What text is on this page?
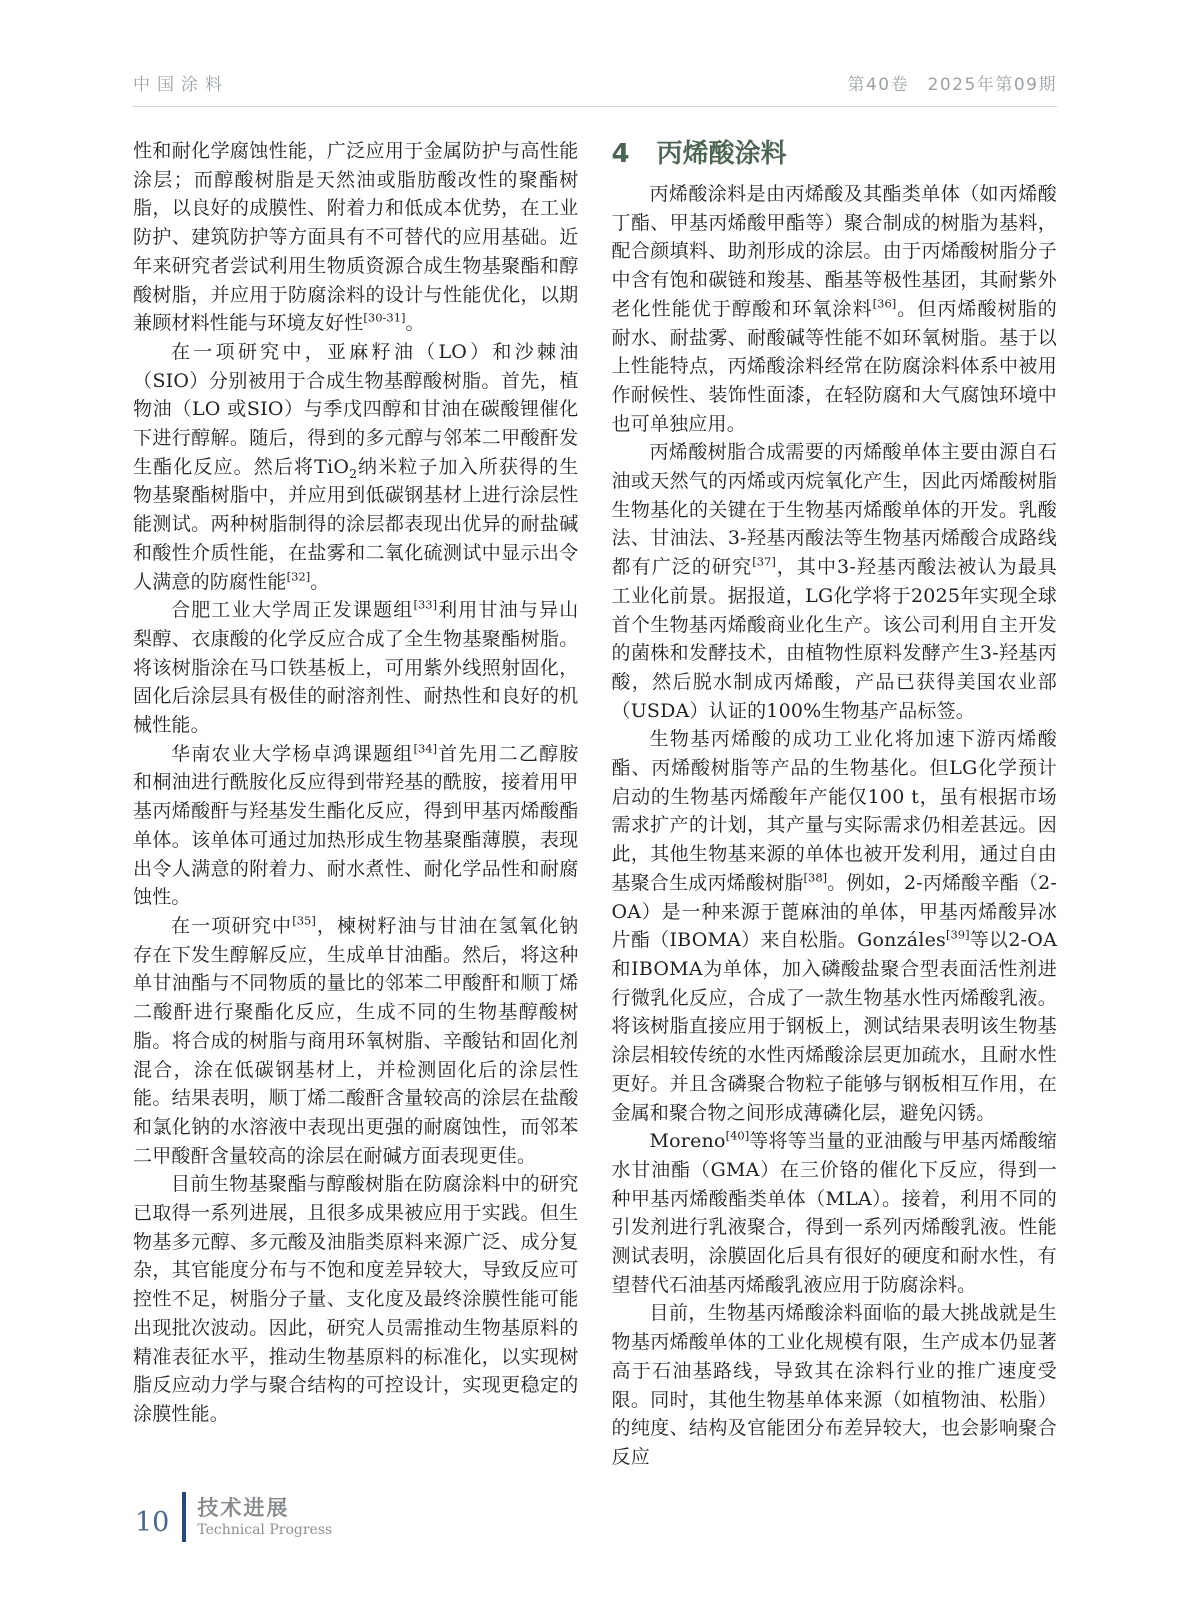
中国涂料	第40卷　2025年第09期

性和耐化学腐蚀性能，广泛应用于金属防护与高性能涂层；而醇酸树脂是天然油或脂肪酸改性的聚酯树脂，以良好的成膜性、附着力和低成本优势，在工业防护、建筑防护等方面具有不可替代的应用基础。近年来研究者尝试利用生物质资源合成生物基聚酯和醇酸树脂，并应用于防腐涂料的设计与性能优化，以期兼顾材料性能与环境友好性[30-31]。

在一项研究中，亚麻籽油（LO）和沙棘油（SIO）分别被用于合成生物基醇酸树脂。首先，植物油（LO 或SIO）与季戊四醇和甘油在碳酸锂催化下进行醇解。随后，得到的多元醇与邻苯二甲酸酐发生酯化反应。然后将TiO$_2$纳米粒子加入所获得的生物基聚酯树脂中，并应用到低碳钢基材上进行涂层性能测试。两种树脂制得的涂层都表现出优异的耐盐碱和酸性介质性能，在盐雾和二氧化硫测试中显示出令人满意的防腐性能[32]。

合肥工业大学周正发课题组[33]利用甘油与异山梨醇、衣康酸的化学反应合成了全生物基聚酯树脂。将该树脂涂在马口铁基板上，可用紫外线照射固化，固化后涂层具有极佳的耐溶剂性、耐热性和良好的机械性能。

华南农业大学杨卓鸿课题组[34]首先用二乙醇胺和桐油进行酰胺化反应得到带羟基的酰胺，接着用甲基丙烯酸酐与羟基发生酯化反应，得到甲基丙烯酸酯单体。该单体可通过加热形成生物基聚酯薄膜，表现出令人满意的附着力、耐水煮性、耐化学品性和耐腐蚀性。

在一项研究中[35]，楝树籽油与甘油在氢氧化钠存在下发生醇解反应，生成单甘油酯。然后，将这种单甘油酯与不同物质的量比的邻苯二甲酸酐和顺丁烯二酸酐进行聚酯化反应，生成不同的生物基醇酸树脂。将合成的树脂与商用环氧树脂、辛酸钴和固化剂混合，涂在低碳钢基材上，并检测固化后的涂层性能。结果表明，顺丁烯二酸酐含量较高的涂层在盐酸和氯化钠的水溶液中表现出更强的耐腐蚀性，而邻苯二甲酸酐含量较高的涂层在耐碱方面表现更佳。

目前生物基聚酯与醇酸树脂在防腐涂料中的研究已取得一系列进展，且很多成果被应用于实践。但生物基多元醇、多元酸及油脂类原料来源广泛、成分复杂，其官能度分布与不饱和度差异较大，导致反应可控性不足，树脂分子量、支化度及最终涂膜性能可能出现批次波动。因此，研究人员需推动生物基原料的精准表征水平，推动生物基原料的标准化，以实现树脂反应动力学与聚合结构的可控设计，实现更稳定的涂膜性能。

4 丙烯酸涂料

丙烯酸涂料是由丙烯酸及其酯类单体（如丙烯酸丁酯、甲基丙烯酸甲酯等）聚合制成的树脂为基料，配合颜填料、助剂形成的涂层。由于丙烯酸树脂分子中含有饱和碳链和羧基、酯基等极性基团，其耐紫外老化性能优于醇酸和环氧涂料[36]。但丙烯酸树脂的耐水、耐盐雾、耐酸碱等性能不如环氧树脂。基于以上性能特点，丙烯酸涂料经常在防腐涂料体系中被用作耐候性、装饰性面漆，在轻防腐和大气腐蚀环境中也可单独应用。

丙烯酸树脂合成需要的丙烯酸单体主要由源自石油或天然气的丙烯或丙烷氧化产生，因此丙烯酸树脂生物基化的关键在于生物基丙烯酸单体的开发。乳酸法、甘油法、3-羟基丙酸法等生物基丙烯酸合成路线都有广泛的研究[37]，其中3-羟基丙酸法被认为最具工业化前景。据报道，LG化学将于2025年实现全球首个生物基丙烯酸商业化生产。该公司利用自主开发的菌株和发酵技术，由植物性原料发酵产生3-羟基丙酸，然后脱水制成丙烯酸，产品已获得美国农业部（USDA）认证的100%生物基产品标签。

生物基丙烯酸的成功工业化将加速下游丙烯酸酯、丙烯酸树脂等产品的生物基化。但LG化学预计启动的生物基丙烯酸年产能仅100 t，虽有根据市场需求扩产的计划，其产量与实际需求仍相差甚远。因此，其他生物基来源的单体也被开发利用，通过自由基聚合生成丙烯酸树脂[38]。例如，2-丙烯酸辛酯（2-OA）是一种来源于蓖麻油的单体，甲基丙烯酸异冰片酯（IBOMA）来自松脂。Gonzáles[39]等以2-OA和IBOMA为单体，加入磷酸盐聚合型表面活性剂进行微乳化反应，合成了一款生物基水性丙烯酸乳液。将该树脂直接应用于钢板上，测试结果表明该生物基涂层相较传统的水性丙烯酸涂层更加疏水，且耐水性更好。并且含磷聚合物粒子能够与钢板相互作用，在金属和聚合物之间形成薄磷化层，避免闪锈。

Moreno[40]等将等当量的亚油酸与甲基丙烯酸缩水甘油酯（GMA）在三价铬的催化下反应，得到一种甲基丙烯酸酯类单体（MLA）。接着，利用不同的引发剂进行乳液聚合，得到一系列丙烯酸乳液。性能测试表明，涂膜固化后具有很好的硬度和耐水性，有望替代石油基丙烯酸乳液应用于防腐涂料。

目前，生物基丙烯酸涂料面临的最大挑战就是生物基丙烯酸单体的工业化规模有限，生产成本仍显著高于石油基路线，导致其在涂料行业的推广速度受限。同时，其他生物基单体来源（如植物油、松脂）的纯度、结构及官能团分布差异较大，也会影响聚合反应

10 技术进展
Technical Progress
